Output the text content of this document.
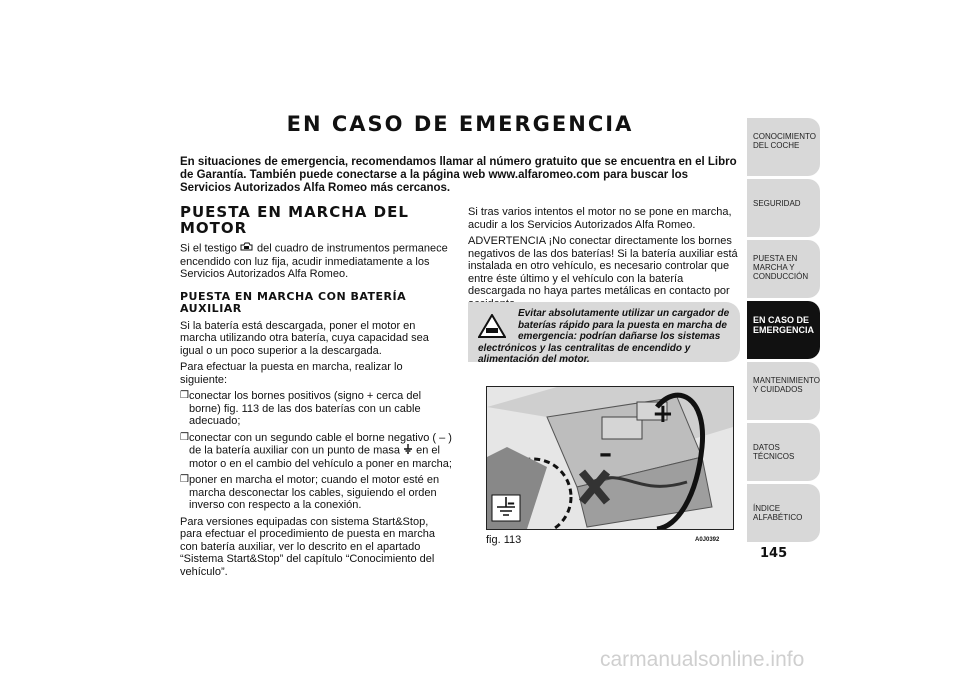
EN CASO DE EMERGENCIA
En situaciones de emergencia, recomendamos llamar al número gratuito que se encuentra en el Libro de Garantía. También puede conectarse a la página web www.alfaromeo.com para buscar los Servicios Autorizados Alfa Romeo más cercanos.
PUESTA EN MARCHA DEL MOTOR

Si el testigo del cuadro de instrumentos permanece encendido con luz fija, acudir inmediatamente a los Servicios Autorizados Alfa Romeo.

PUESTA EN MARCHA CON BATERÍA AUXILIAR

Si la batería está descargada, poner el motor en marcha utilizando otra batería, cuya capacidad sea igual o un poco superior a la descargada.

Para efectuar la puesta en marcha, realizar lo siguiente:

❒ conectar los bornes positivos (signo + cerca del borne) fig. 113 de las dos baterías con un cable adecuado;
❒ conectar con un segundo cable el borne negativo ( – ) de la batería auxiliar con un punto de masa en el motor o en el cambio del vehículo a poner en marcha;
❒ poner en marcha el motor; cuando el motor esté en marcha desconectar los cables, siguiendo el orden inverso con respecto a la conexión.

Para versiones equipadas con sistema Start&Stop, para efectuar el procedimiento de puesta en marcha con batería auxiliar, ver lo descrito en el apartado “Sistema Start&Stop” del capítulo “Conocimiento del vehículo”.

Si tras varios intentos el motor no se pone en marcha, acudir a los Servicios Autorizados Alfa Romeo.

ADVERTENCIA ¡No conectar directamente los bornes negativos de las dos baterías! Si la batería auxiliar está instalada en otro vehículo, es necesario controlar que entre éste último y el vehículo con la batería descargada no haya partes metálicas en contacto por

Evitar absolutamente utilizar un cargador de baterías rápido para la puesta en marcha de emergencia: podrían dañarse los sistemas electrónicos y las centralitas de encendido y alimentación del motor.
+
–
–
fig. 113	A0J0392
CONOCIMIENTO DEL COCHE
SEGURIDAD
PUESTA EN MARCHA Y CONDUCCIÓN
EN CASO DE EMERGENCIA
MANTENIMIENTO Y CUIDADOS
DATOS TÉCNICOS
ÍNDICE ALFABÉTICO
145
carmanualsonline.info
